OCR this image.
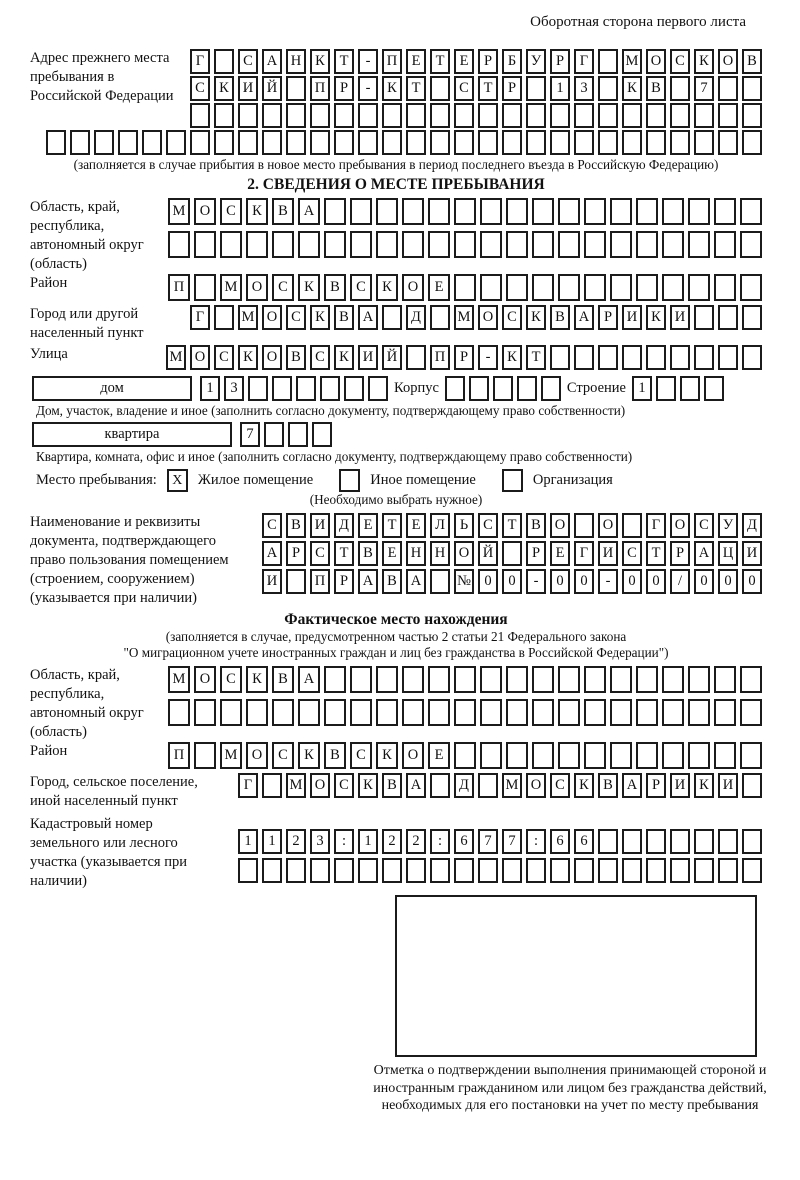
Оборотная сторона первого листа
Адрес прежнего места пребывания в Российской Федерации
Г	С А Н К	Т	-	П Е	Т	Е	Р	Б	У	Р	Г	М О С К О В
С К И Й	П	Р	-	К	Т	С	Т	Р	1	3	К В	7
(заполняется в случае прибытия в новое место пребывания в период последнего въезда в Российскую Федерацию)
2. СВЕДЕНИЯ О МЕСТЕ ПРЕБЫВАНИЯ
Область, край, республика, автономный округ (область)
М О	С	К	В	А
Район	П	М О	С	К	В	С	К	О	Е
Город или другой населенный пункт
Г	М О С К В А	Д	М О С К В А	Р	И К И
Улица	М О С К О В С К И Й	П	Р	-	К	Т
дом	1	3	Корпус	Строение 1
Дом, участок, владение и иное (заполнить согласно документу, подтверждающему право собственности)
квартира	7
Квартира, комната, офис и иное (заполнить согласно документу, подтверждающему право собственности)
Место пребывания:	X	Жилое помещение	Иное помещение	Организация
(Необходимо выбрать нужное)
Наименование и реквизиты документа, подтверждающего право пользования помещением (строением, сооружением) (указывается при наличии)
С В И Д	Е	Т	Е	Л	Ь	С	Т	В О	О	Г	О С У Д
А	Р	С	Т	В	Е Н Н О Й	Р	Е	Г	И С	Т	Р	А Ц И
И	П	Р	А В А	№ 0	0	-	0	0	-	0	0	/	0	0	0
Фактическое место нахождения
(заполняется в случае, предусмотренном частью 2 статьи 21 Федерального закона
"О миграционном учете иностранных граждан и лиц без гражданства в Российской Федерации")
Область, край, республика, автономный округ (область)
М О	С	К	В	А
Район	П	М О	С	К	В	С	К	О	Е
Город, сельское поселение, иной населенный пункт
Г	М О С К В А	Д	М О С К В А	Р	И К И
Кадастровый номер земельного или лесного участка (указывается при наличии)
1	1	2	3	:	1	2	2	:	6	7	7	:	6	6
Отметка о подтверждении выполнения принимающей стороной и иностранным гражданином или лицом без гражданства действий, необходимых для его постановки на учет по месту пребывания
